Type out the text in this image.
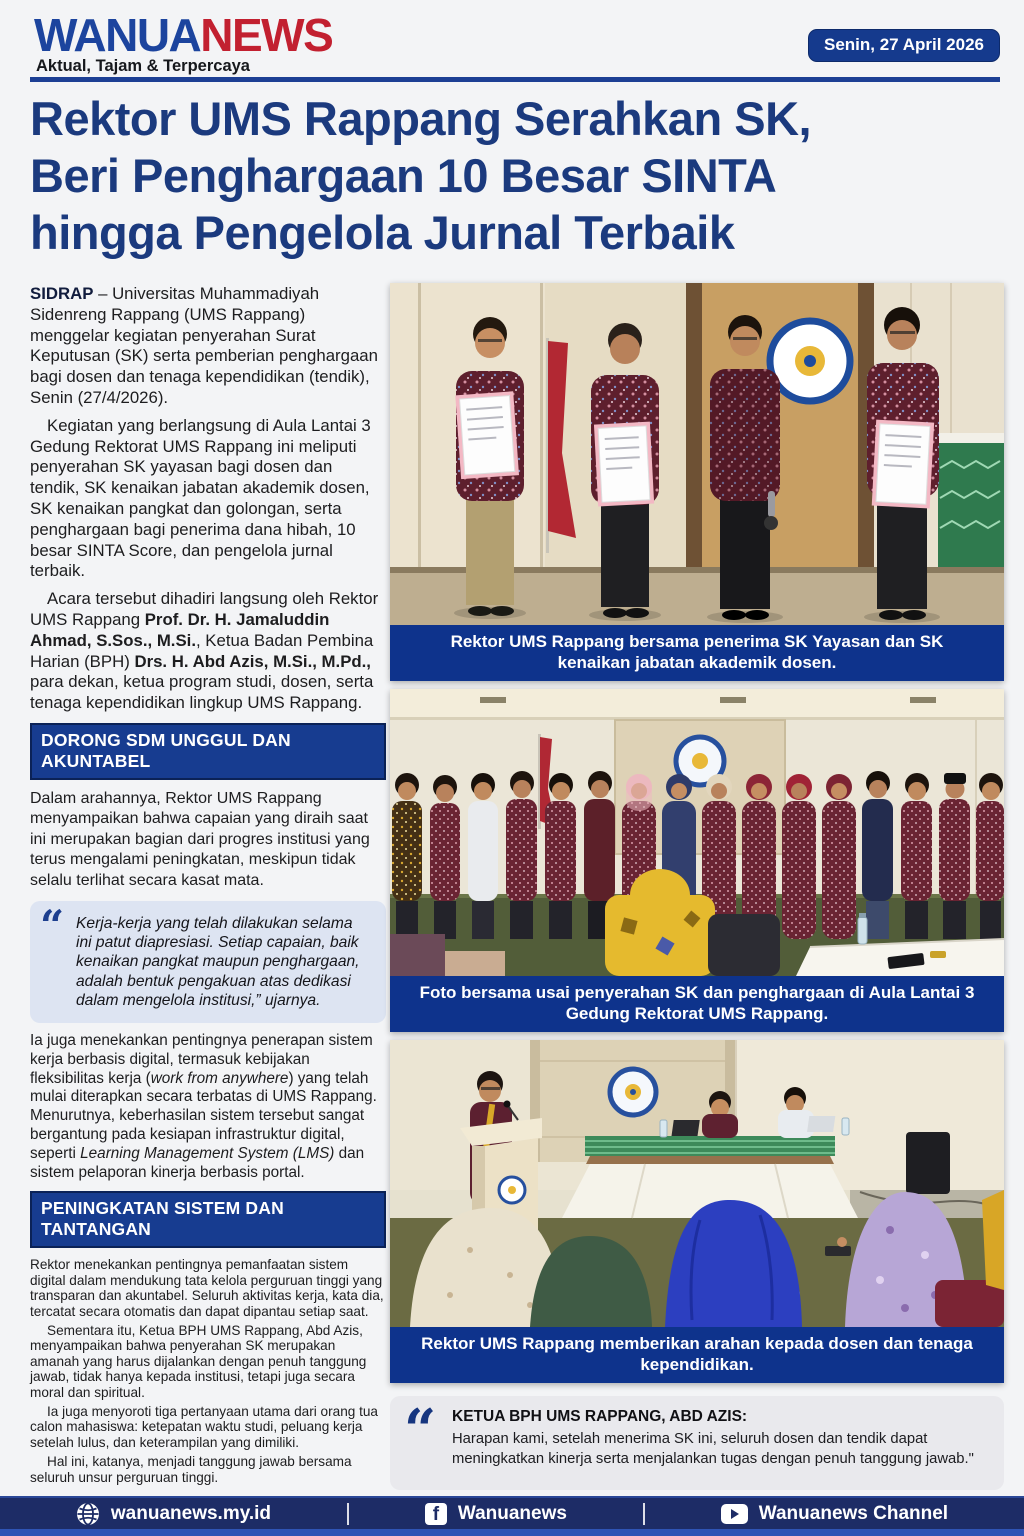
WANUANEWS
Aktual, Tajam & Terpercaya
Senin, 27 April 2026
Rektor UMS Rappang Serahkan SK,
Beri Penghargaan 10 Besar SINTA
hingga Pengelola Jurnal Terbaik

SIDRAP – Universitas Muhammadiyah Sidenreng Rappang (UMS Rappang) menggelar kegiatan penyerahan Surat Keputusan (SK) serta pemberian penghargaan bagi dosen dan tenaga kependidikan (tendik), Senin (27/4/2026).

Kegiatan yang berlangsung di Aula Lantai 3 Gedung Rektorat UMS Rappang ini meliputi penyerahan SK yayasan bagi dosen dan tendik, SK kenaikan jabatan akademik dosen, SK kenaikan pangkat dan golongan, serta penghargaan bagi penerima dana hibah, 10 besar SINTA Score, dan pengelola jurnal terbaik.

Acara tersebut dihadiri langsung oleh Rektor UMS Rappang Prof. Dr. H. Jamaluddin Ahmad, S.Sos., M.Si., Ketua Badan Pembina Harian (BPH) Drs. H. Abd Azis, M.Si., M.Pd., para dekan, ketua program studi, dosen, serta tenaga kependidikan lingkup UMS Rappang.

DORONG SDM UNGGUL DAN AKUNTABEL

Dalam arahannya, Rektor UMS Rappang menyampaikan bahwa capaian yang diraih saat ini merupakan bagian dari progres institusi yang terus mengalami peningkatan, meskipun tidak selalu terlihat secara kasat mata.

“ Kerja-kerja yang telah dilakukan selama ini patut diapresiasi. Setiap capaian, baik kenaikan pangkat maupun penghargaan, adalah bentuk pengakuan atas dedikasi dalam mengelola institusi,” ujarnya.

Ia juga menekankan pentingnya penerapan sistem kerja berbasis digital, termasuk kebijakan fleksibilitas kerja (work from anywhere) yang telah mulai diterapkan secara terbatas di UMS Rappang. Menurutnya, keberhasilan sistem tersebut sangat bergantung pada kesiapan infrastruktur digital, seperti Learning Management System (LMS) dan sistem pelaporan kinerja berbasis portal.

PENINGKATAN SISTEM DAN TANTANGAN

Rektor menekankan pentingnya pemanfaatan sistem digital dalam mendukung tata kelola perguruan tinggi yang transparan dan akuntabel. Seluruh aktivitas kerja, kata dia, tercatat secara otomatis dan dapat dipantau setiap saat.

Sementara itu, Ketua BPH UMS Rappang, Abd Azis, menyampaikan bahwa penyerahan SK merupakan amanah yang harus dijalankan dengan penuh tanggung jawab, tidak hanya kepada institusi, tetapi juga secara moral dan spiritual.

Ia juga menyoroti tiga pertanyaan utama dari orang tua calon mahasiswa: ketepatan waktu studi, peluang kerja setelah lulus, dan keterampilan yang dimiliki.

Hal ini, katanya, menjadi tanggung jawab bersama seluruh unsur perguruan tinggi.

Rektor UMS Rappang bersama penerima SK Yayasan dan SK kenaikan jabatan akademik dosen.
Foto bersama usai penyerahan SK dan penghargaan di Aula Lantai 3 Gedung Rektorat UMS Rappang.
Rektor UMS Rappang memberikan arahan kepada dosen dan tenaga kependidikan.
“ KETUA BPH UMS RAPPANG, ABD AZIS:
Harapan kami, setelah menerima SK ini, seluruh dosen dan tendik dapat meningkatkan kinerja serta menjalankan tugas dengan penuh tanggung jawab."
wanuanews.my.id	f Wanuanews	Wanuanews Channel
